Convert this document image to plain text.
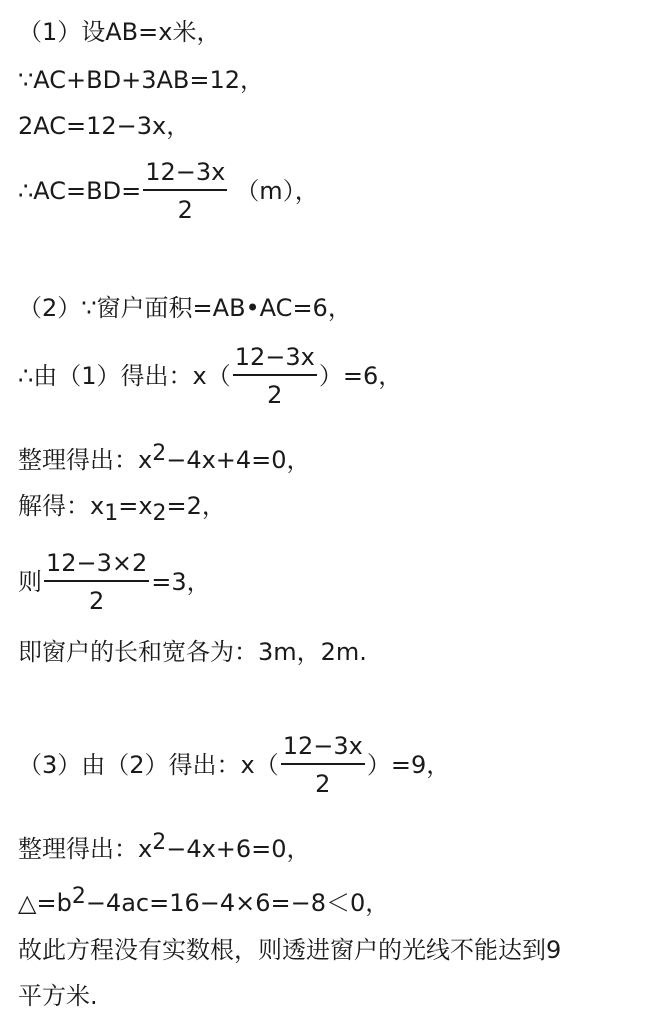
（1）设AB=x米，
∵AC+BD+3AB=12，
2AC=12−3x，
∴AC=BD= $\frac{12-3x}{2} (m)$，
（2）∵窗户面积=AB•AC=6，
∴由（1）得出：$x( \frac{12-3x}{2} )=6$，
整理得出：$x^2 -4x+4=0$，
解得：$x_1 =x_2 =2$，
则 $\frac{12-3\times 2}{2} =3$，
即窗户的长和宽各为：3m，2m.
（3）由（2）得出：$x( \frac{12-3x}{2} )=9$，
整理得出：$x^2 -4x+6=0$，
$\triangle=b^2 -4ac=16-4\times 6=-8<0$，
故此方程没有实数根，则透进窗户的光线不能达到9
平方米.
